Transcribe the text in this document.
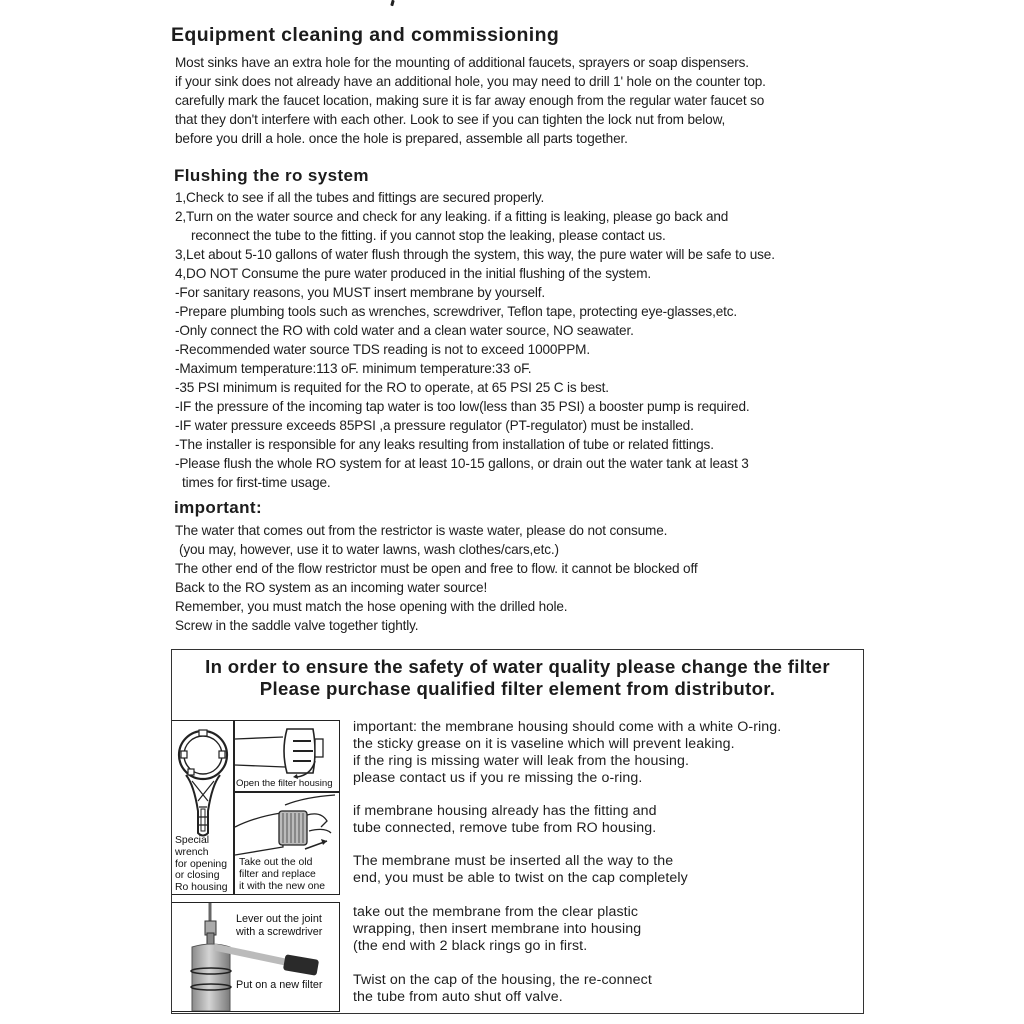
Equipment cleaning and commissioning
Most sinks have an extra hole for the mounting of additional faucets, sprayers or soap dispensers.
if your sink does not already have an additional hole, you may need to drill 1' hole on the counter top.
carefully mark the faucet location, making sure it is far away enough from the regular water faucet so
that they don't interfere with each other. Look to see if you can tighten the lock nut from below,
before you drill a hole. once the hole is prepared, assemble all parts together.
Flushing the ro system
1,Check to see if all the tubes and fittings are secured properly.
2,Turn on the water source and check for any leaking. if a fitting is leaking, please go back and
reconnect the tube to the fitting. if you cannot stop the leaking, please contact us.
3,Let about 5-10 gallons of water flush through the system, this way, the pure water will be safe to use.
4,DO NOT Consume the pure water produced in the initial flushing of the system.
-For sanitary reasons, you MUST insert membrane by yourself.
-Prepare plumbing tools such as wrenches, screwdriver, Teflon tape, protecting eye-glasses,etc.
-Only connect the RO with cold water and a clean water source, NO seawater.
-Recommended water source TDS reading is not to exceed 1000PPM.
-Maximum temperature:113 oF. minimum temperature:33 oF.
-35 PSI minimum is requited for the RO to operate, at 65 PSI 25 C is best.
-IF the pressure of the incoming tap water is too low(less than 35 PSI) a booster pump is required.
-IF water pressure exceeds 85PSI ,a pressure regulator (PT-regulator) must be installed.
-The installer is responsible for any leaks resulting from installation of tube or related fittings.
-Please flush the whole RO system for at least 10-15 gallons, or drain out the water tank at least 3
times for first-time usage.
important:
The water that comes out from the restrictor is waste water, please do not consume.
(you may, however, use it to water lawns, wash clothes/cars,etc.)
The other end of the flow restrictor must be open and free to flow. it cannot be blocked off
Back to the RO system as an incoming water source!
Remember, you must match the hose opening with the drilled hole.
Screw in the saddle valve together tightly.
In order to ensure the safety of water quality please change the filter
Please purchase qualified filter element from distributor.
Special
wrench
for opening
or closing
Ro housing
Open the filter housing
Take out the old
filter and replace
it with the new one
Lever out the joint
with a screwdriver
Put on a new filter
important: the membrane housing should come with a white O-ring.
the sticky grease on it is vaseline which will prevent leaking.
if the ring is missing water will leak from the housing.
please contact us if you re missing the o-ring.
if membrane housing already has the fitting and
tube connected, remove tube from RO housing.
The membrane must be inserted all the way to the
end, you must be able to twist on the cap completely
take out the membrane from the clear plastic
wrapping, then insert membrane into housing
(the end with 2 black rings go in first.
Twist on the cap of the housing, the re-connect
the tube from auto shut off valve.
